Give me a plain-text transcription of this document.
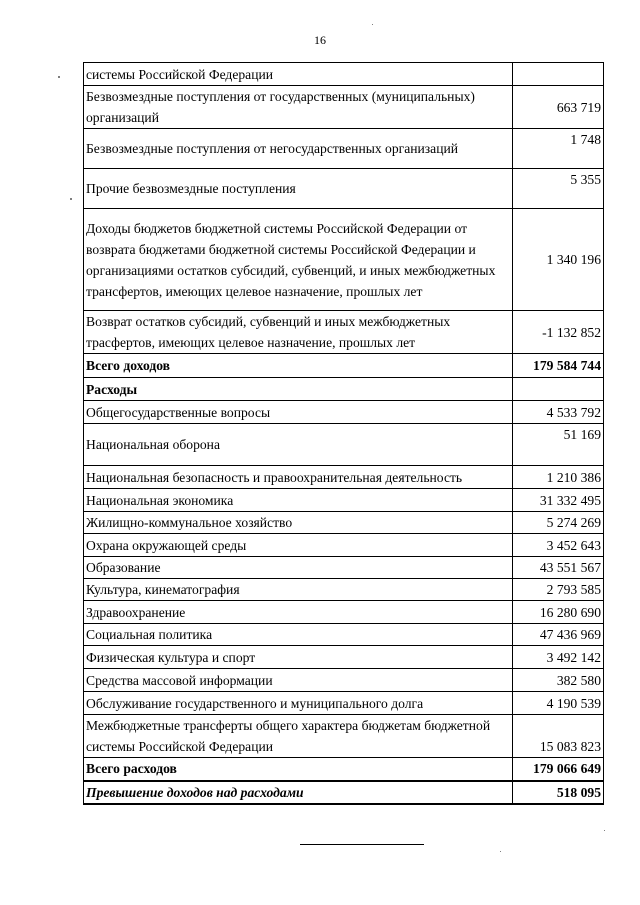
16
системы Российской Федерации	
Безвозмездные поступления от государственных (муниципальных) организаций	663 719
Безвозмездные поступления от негосударственных организаций	1 748
Прочие безвозмездные поступления	5 355
Доходы бюджетов бюджетной системы Российской Федерации от возврата бюджетами бюджетной системы Российской Федерации и организациями остатков субсидий, субвенций, и иных межбюджетных трансфертов, имеющих целевое назначение, прошлых лет	1 340 196
Возврат остатков субсидий, субвенций и иных межбюджетных трасфертов, имеющих целевое назначение, прошлых лет	-1 132 852
Всего доходов	179 584 744
Расходы	
Общегосударственные вопросы	4 533 792
Национальная оборона	51 169
Национальная безопасность и правоохранительная деятельность	1 210 386
Национальная экономика	31 332 495
Жилищно-коммунальное хозяйство	5 274 269
Охрана окружающей среды	3 452 643
Образование	43 551 567
Культура, кинематография	2 793 585
Здравоохранение	16 280 690
Социальная политика	47 436 969
Физическая культура и спорт	3 492 142
Средства массовой информации	382 580
Обслуживание государственного и муниципального долга	4 190 539
Межбюджетные трансферты общего характера бюджетам бюджетной системы Российской Федерации	15 083 823
Всего расходов	179 066 649
Превышение доходов над расходами	518 095
